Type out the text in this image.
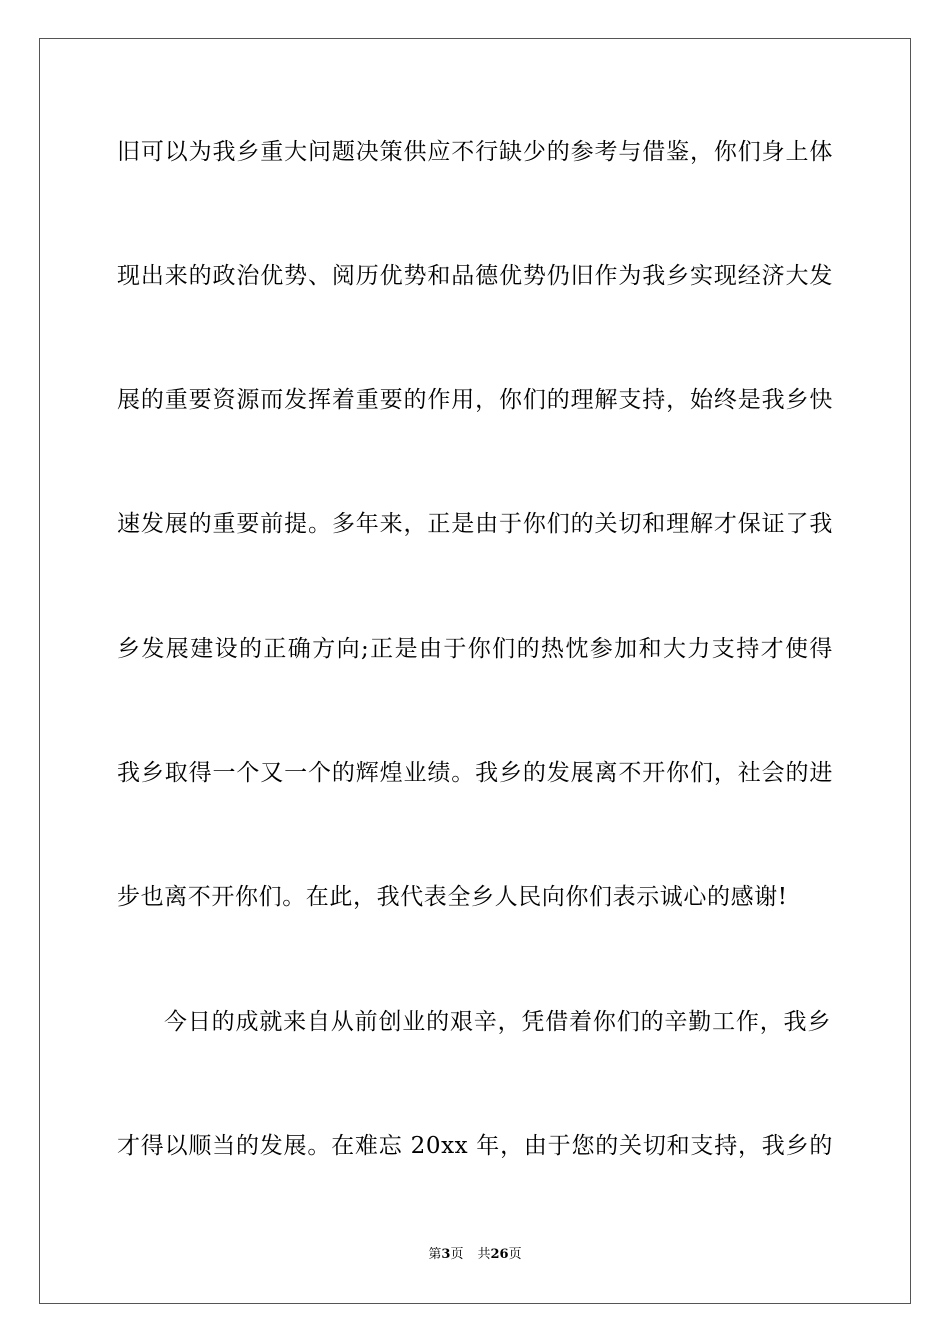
旧可以为我乡重大问题决策供应不行缺少的参考与借鉴，你们身上体
现出来的政治优势、阅历优势和品德优势仍旧作为我乡实现经济大发
展的重要资源而发挥着重要的作用，你们的理解支持，始终是我乡快
速发展的重要前提。多年来，正是由于你们的关切和理解才保证了我
乡发展建设的正确方向;正是由于你们的热忱参加和大力支持才使得
我乡取得一个又一个的辉煌业绩。我乡的发展离不开你们，社会的进
步也离不开你们。在此，我代表全乡人民向你们表示诚心的感谢!
今日的成就来自从前创业的艰辛，凭借着你们的辛勤工作，我乡
才得以顺当的发展。在难忘 20xx 年，由于您的关切和支持，我乡的
第3页 共26页
